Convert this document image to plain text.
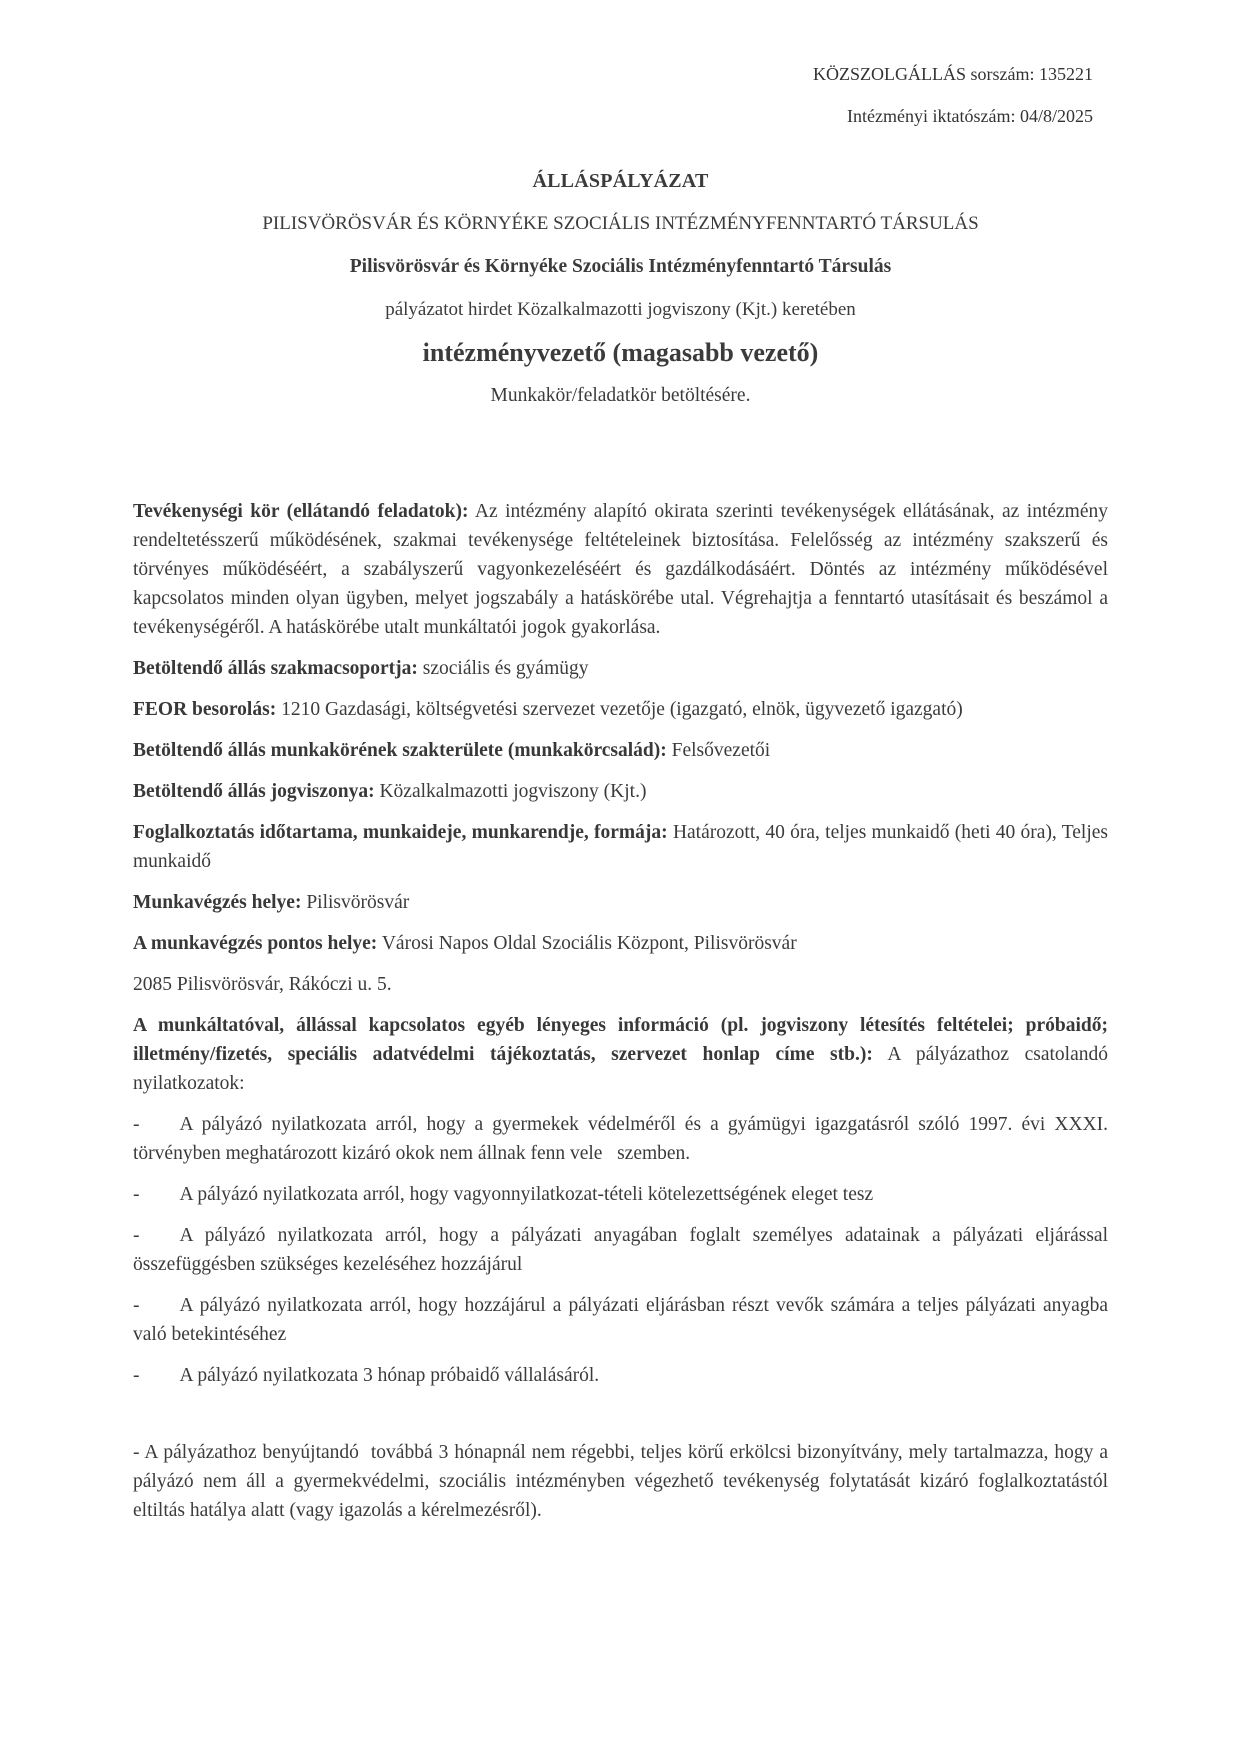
KÖZSZOLGÁLLÁS sorszám: 135221

Intézményi iktatószám: 04/8/2025

ÁLLÁSPÁLYÁZAT

PILISVÖRÖSVÁR ÉS KÖRNYÉKE SZOCIÁLIS INTÉZMÉNYFENNTARTÓ TÁRSULÁS

Pilisvörösvár és Környéke Szociális Intézményfenntartó Társulás

pályázatot hirdet Közalkalmazotti jogviszony (Kjt.) keretében

intézményvezető (magasabb vezető)

Munkakör/feladatkör betöltésére.

Tevékenységi kör (ellátandó feladatok): Az intézmény alapító okirata szerinti tevékenységek ellátásának, az intézmény rendeltetésszerű működésének, szakmai tevékenysége feltételeinek biztosítása. Felelősség az intézmény szakszerű és törvényes működéséért, a szabályszerű vagyonkezeléséért és gazdálkodásáért. Döntés az intézmény működésével kapcsolatos minden olyan ügyben, melyet jogszabály a hatáskörébe utal. Végrehajtja a fenntartó utasításait és beszámol a tevékenységéről. A hatáskörébe utalt munkáltatói jogok gyakorlása.

Betöltendő állás szakmacsoportja: szociális és gyámügy

FEOR besorolás: 1210 Gazdasági, költségvetési szervezet vezetője (igazgató, elnök, ügyvezető igazgató)

Betöltendő állás munkakörének szakterülete (munkakörcsalád): Felsővezetői

Betöltendő állás jogviszonya: Közalkalmazotti jogviszony (Kjt.)

Foglalkoztatás időtartama, munkaideje, munkarendje, formája: Határozott, 40 óra, teljes munkaidő (heti 40 óra), Teljes munkaidő

Munkavégzés helye: Pilisvörösvár

A munkavégzés pontos helye: Városi Napos Oldal Szociális Központ, Pilisvörösvár

2085 Pilisvörösvár, Rákóczi u. 5.

A munkáltatóval, állással kapcsolatos egyéb lényeges információ (pl. jogviszony létesítés feltételei; próbaidő; illetmény/fizetés, speciális adatvédelmi tájékoztatás, szervezet honlap címe stb.): A pályázathoz csatolandó nyilatkozatok:

- A pályázó nyilatkozata arról, hogy a gyermekek védelméről és a gyámügyi igazgatásról szóló 1997. évi XXXI. törvényben meghatározott kizáró okok nem állnak fenn vele   szemben.

- A pályázó nyilatkozata arról, hogy vagyonnyilatkozat-tételi kötelezettségének eleget tesz

- A pályázó nyilatkozata arról, hogy a pályázati anyagában foglalt személyes adatainak a pályázati eljárással összefüggésben szükséges kezeléséhez hozzájárul

- A pályázó nyilatkozata arról, hogy hozzájárul a pályázati eljárásban részt vevők számára a teljes pályázati anyagba való betekintéséhez

- A pályázó nyilatkozata 3 hónap próbaidő vállalásáról.

- A pályázathoz benyújtandó  továbbá 3 hónapnál nem régebbi, teljes körű erkölcsi bizonyítvány, mely tartalmazza, hogy a pályázó nem áll a gyermekvédelmi, szociális intézményben végezhető tevékenység folytatását kizáró foglalkoztatástól eltiltás hatálya alatt (vagy igazolás a kérelmezésről).
